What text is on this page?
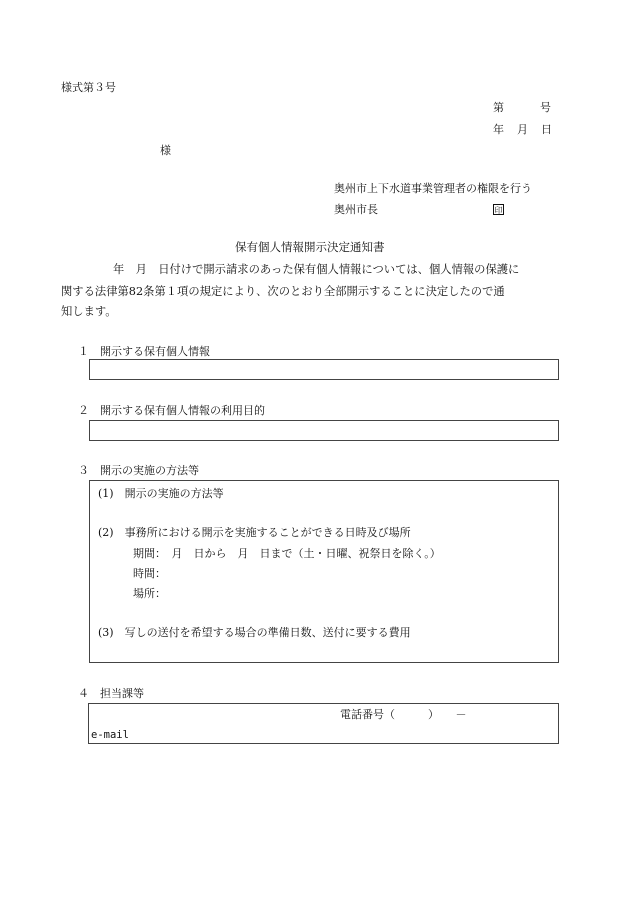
様式第３号
第	号
年 月 日
様
奥州市上下水道事業管理者の権限を行う
奥州市長	印
保有個人情報開示決定通知書
年　月　日付けで開示請求のあった保有個人情報については、個人情報の保護に
関する法律第82条第１項の規定により、次のとおり全部開示することに決定したので通
知します。
１　開示する保有個人情報
２　開示する保有個人情報の利用目的
３　開示の実施の方法等
(1)　開示の実施の方法等
(2)　事務所における開示を実施することができる日時及び場所
期間：　月　日から　月　日まで（土・日曜、祝祭日を除く。）
時間：
場所：
(3)　写しの送付を希望する場合の準備日数、送付に要する費用
４　担当課等
電話番号（　　　）　　－
e-mail
